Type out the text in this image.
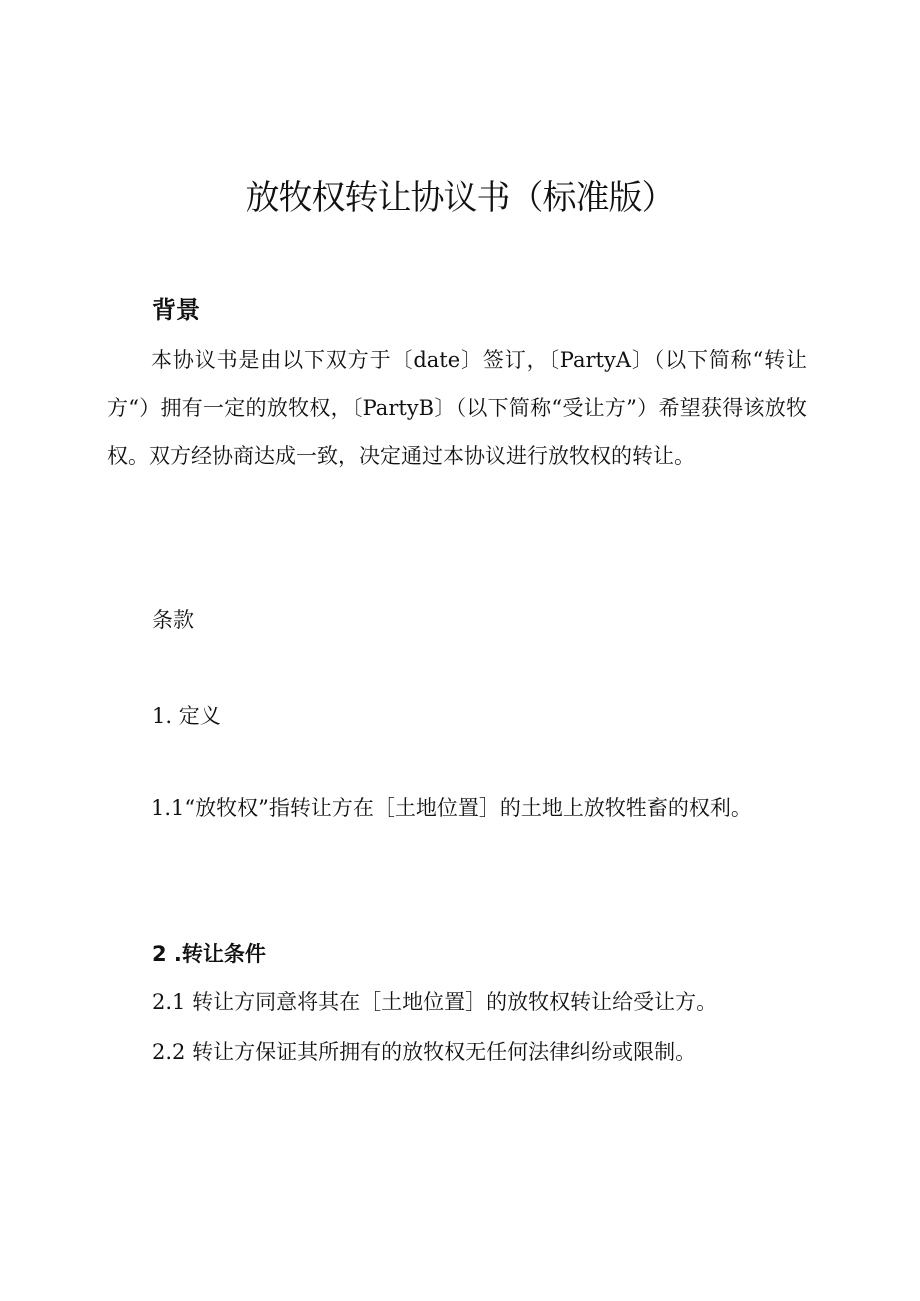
放牧权转让协议书（标准版）
背景

本协议书是由以下双方于〔date〕签订，〔PartyA〕（以下简称“转让方“）拥有一定的放牧权，〔PartyB〕（以下简称“受让方”）希望获得该放牧权。双方经协商达成一致，决定通过本协议进行放牧权的转让。

条款

1. 定义

1.1“放牧权”指转让方在［土地位置］的土地上放牧牲畜的权利。

2 .转让条件

2.1 转让方同意将其在［土地位置］的放牧权转让给受让方。

2.2 转让方保证其所拥有的放牧权无任何法律纠纷或限制。
